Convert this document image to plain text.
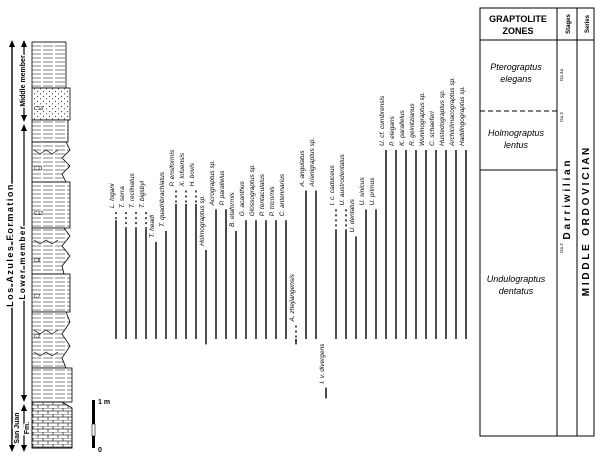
Los Azules Formation Lower member
Middle member
San Juan Fm.
C13
C11
C12
C8
C7
C2
1 m
0
L. logani T. serra T. reclinatus T. bigsbyi
T. headi T. quadribrachiatus
P. ensiformis X. lofuensis H. bovis
Holmograptus sp.
Acrograptus sp. P. parallelus
B. etaformis G. acanthus Glossograptus sp. P. tentaculatus P. tricornis C. antennarius
A. zhejiangensis
A. angulatus Arienigraptus sp.
I. v. divergens
I. c. caduceus U. austrodentatus
U. dentatus
U. sinicus U. primus
U. cf. cumbrensis P. elegans K. parallelus R. geinitzianus Wuninograptus sp. C. schaeferi Hustedograptus sp. Archiclimacograptus sp. Haddingograptus sp.
GRAPTOLITE
ZONES	Stages Series
Pterograptus
elegans
Holmograptus
lentus
Undulograptus
dentatus
Da 4a
Da 3
Da 2
D a r r i w i l i a n M I D D L E   O R D O V I C I A N
